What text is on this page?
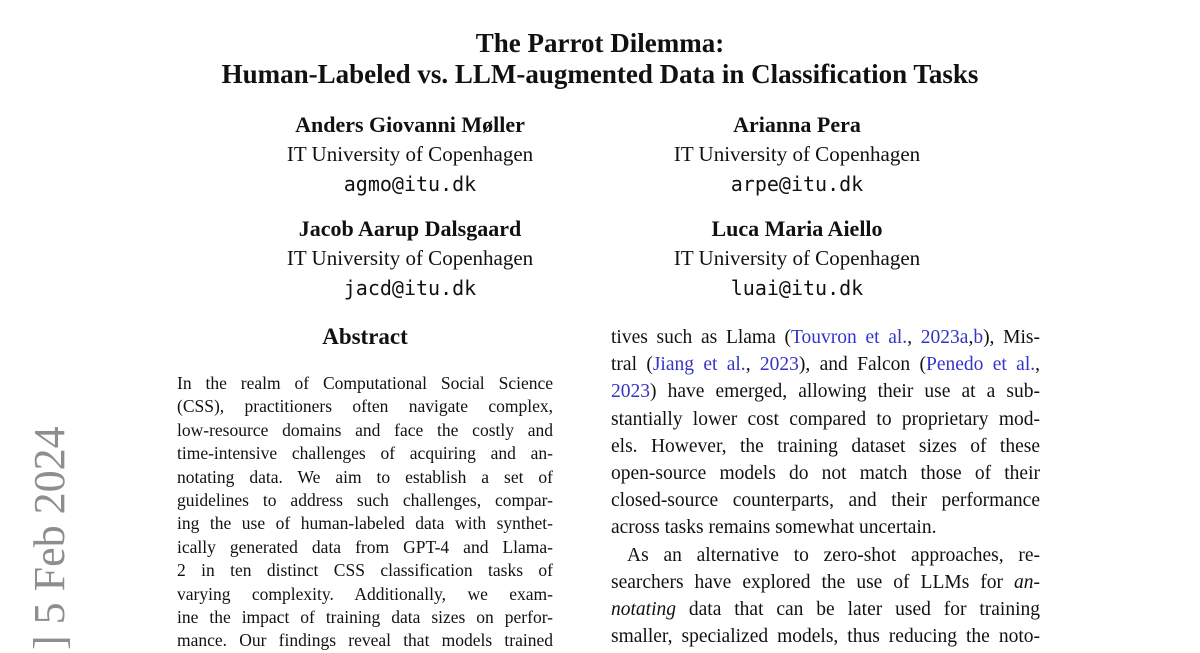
] 5 Feb 2024
The Parrot Dilemma:
Human-Labeled vs. LLM-augmented Data in Classification Tasks
Anders Giovanni Møller
IT University of Copenhagen
agmo@itu.dk
Arianna Pera
IT University of Copenhagen
arpe@itu.dk
Jacob Aarup Dalsgaard
IT University of Copenhagen
jacd@itu.dk
Luca Maria Aiello
IT University of Copenhagen
luai@itu.dk
Abstract
In the realm of Computational Social Science
(CSS), practitioners often navigate complex,
low-resource domains and face the costly and
time-intensive challenges of acquiring and an-
notating data. We aim to establish a set of
guidelines to address such challenges, compar-
ing the use of human-labeled data with synthet-
ically generated data from GPT-4 and Llama-
2 in ten distinct CSS classification tasks of
varying complexity. Additionally, we exam-
ine the impact of training data sizes on perfor-
mance. Our findings reveal that models trained
tives such as Llama (Touvron et al., 2023a,b), Mis-
tral (Jiang et al., 2023), and Falcon (Penedo et al.,
2023) have emerged, allowing their use at a sub-
stantially lower cost compared to proprietary mod-
els. However, the training dataset sizes of these
open-source models do not match those of their
closed-source counterparts, and their performance
across tasks remains somewhat uncertain.
As an alternative to zero-shot approaches, re-
searchers have explored the use of LLMs for an-
notating data that can be later used for training
smaller, specialized models, thus reducing the noto-
